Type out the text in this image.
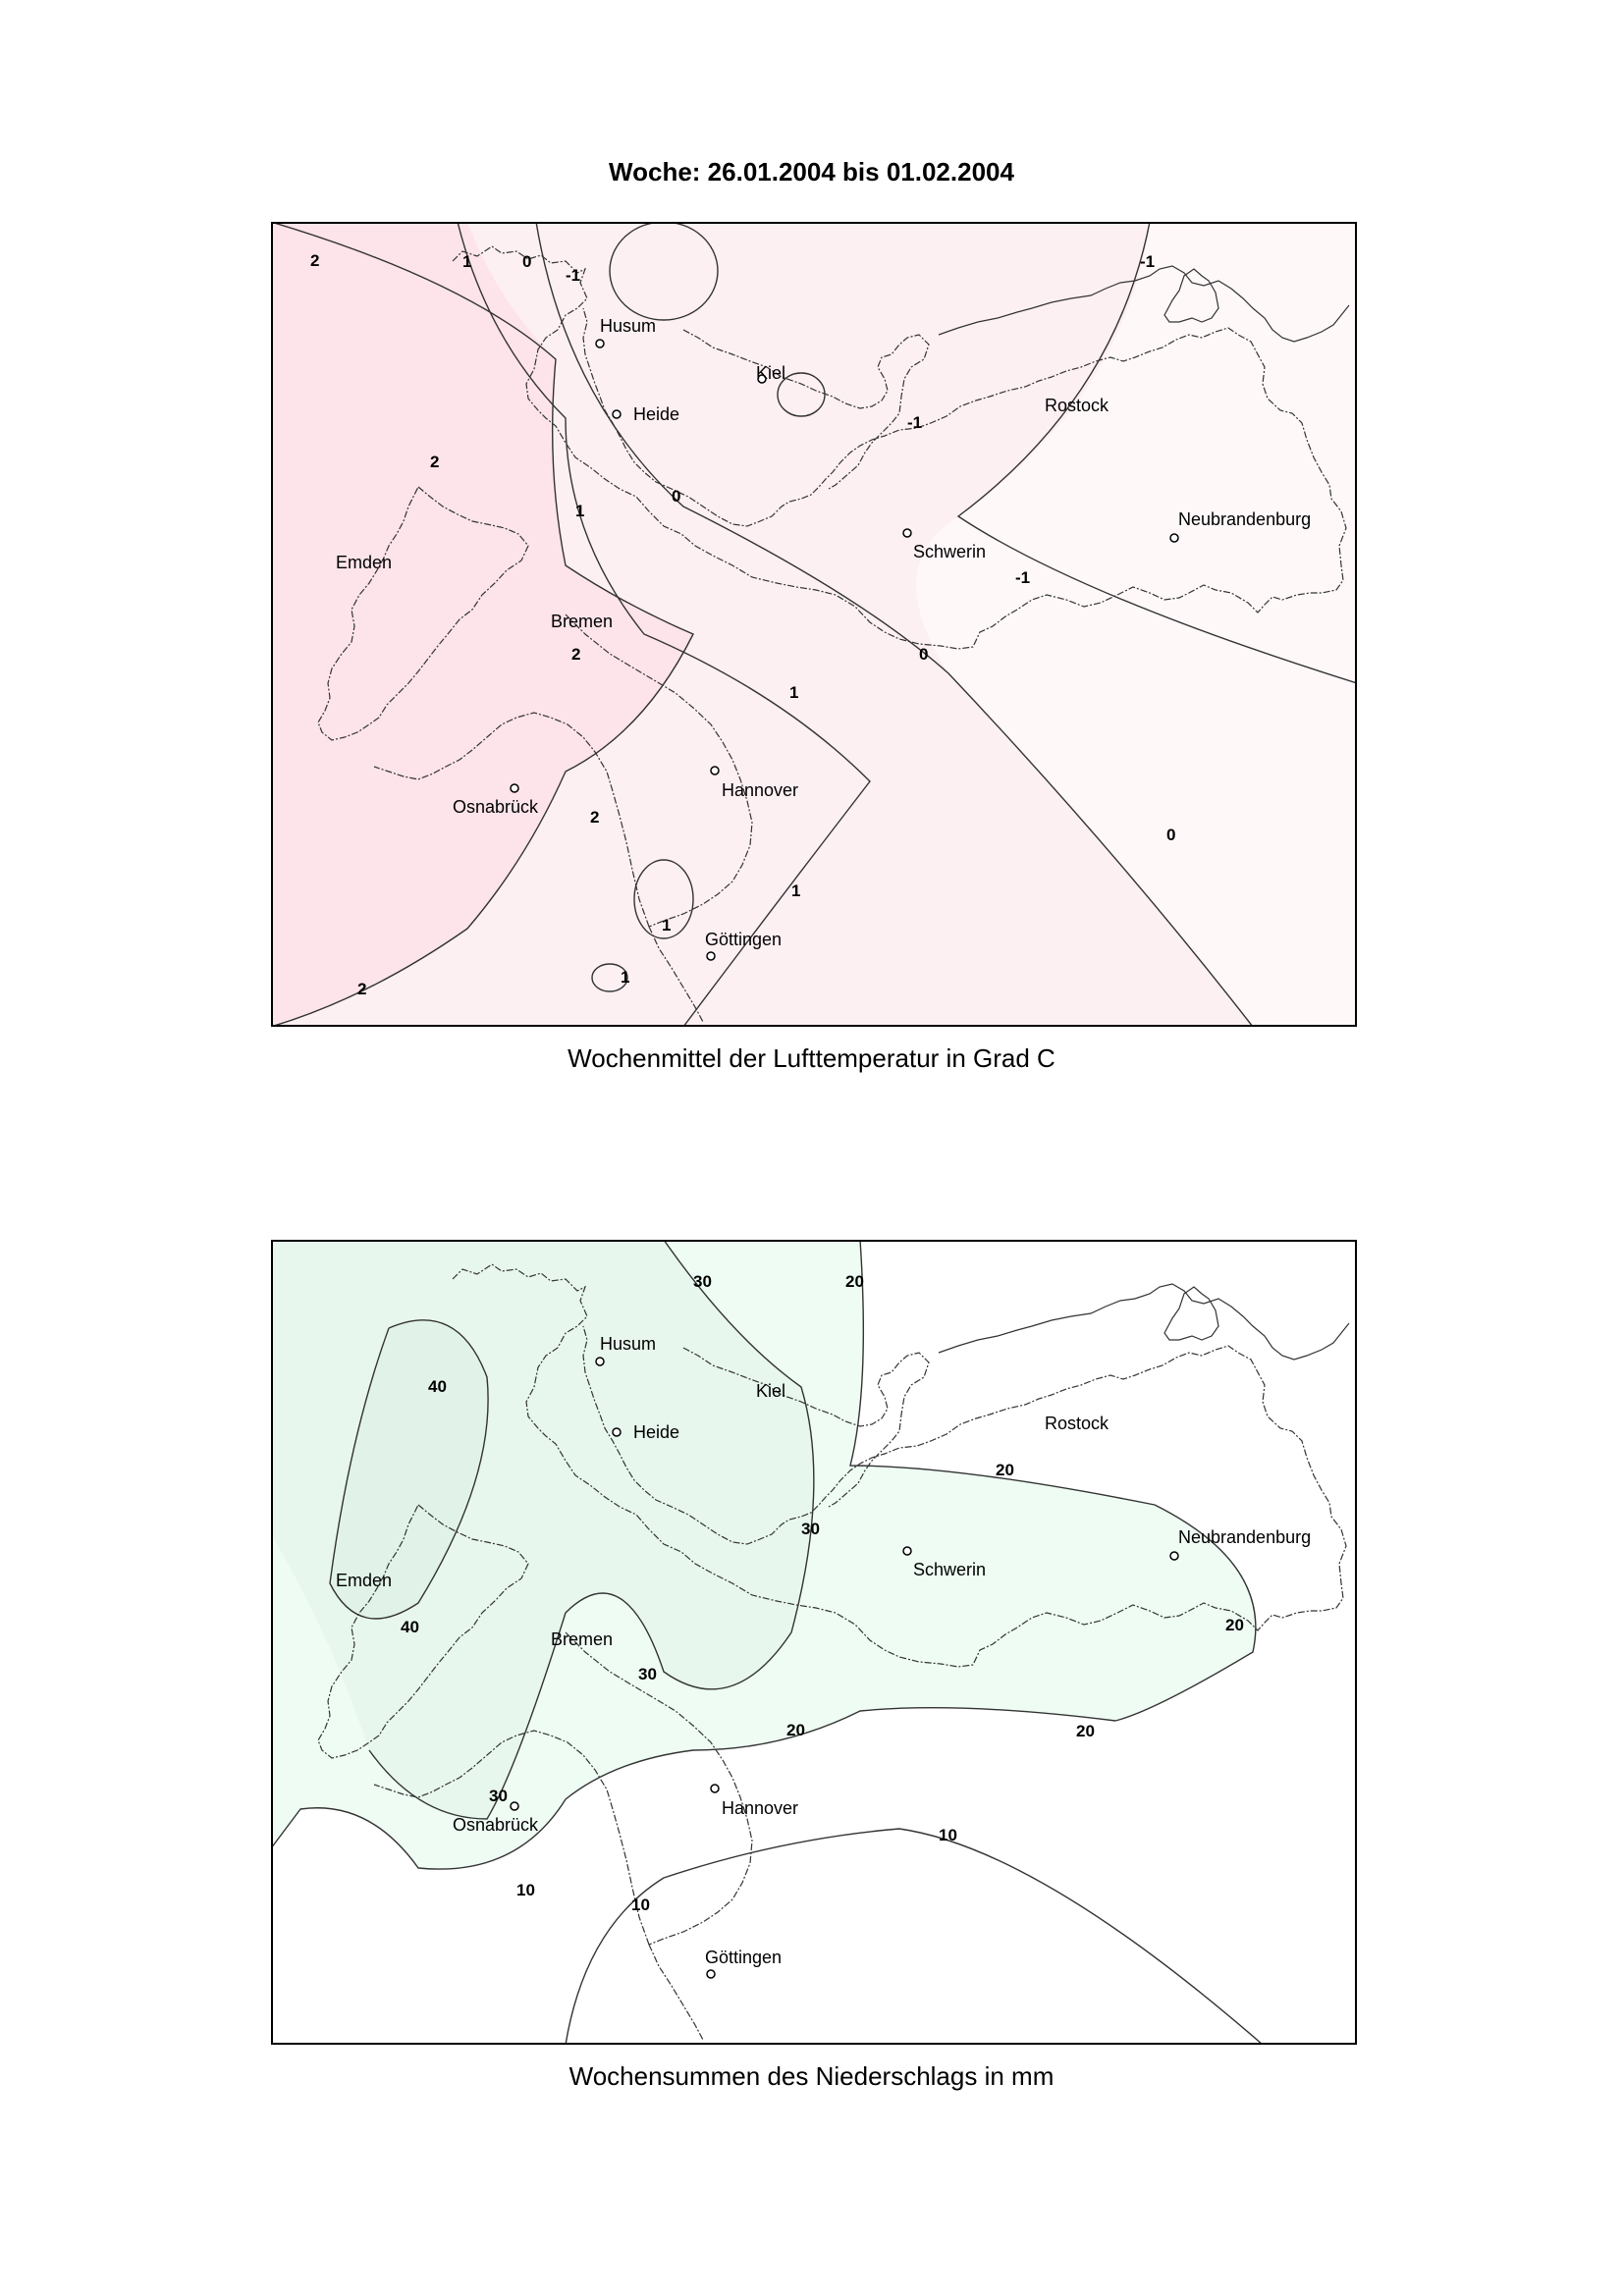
Woche: 26.01.2004 bis 01.02.2004
2
2
2
2
2
1
1
1
1
1
1
0
0
0
0
-1
-1
-1
-1
Husum
Heide
Kiel
Rostock
Neubrandenburg
Schwerin
Emden
Bremen
Hannover
Osnabrück
Göttingen
Wochenmittel der Lufttemperatur in Grad C
40
40
30
30
30
30
20
20
20
20
20
10
10
10
Husum
Heide
Kiel
Rostock
Neubrandenburg
Schwerin
Emden
Bremen
Hannover
Osnabrück
Göttingen
Wochensummen des Niederschlags in mm
